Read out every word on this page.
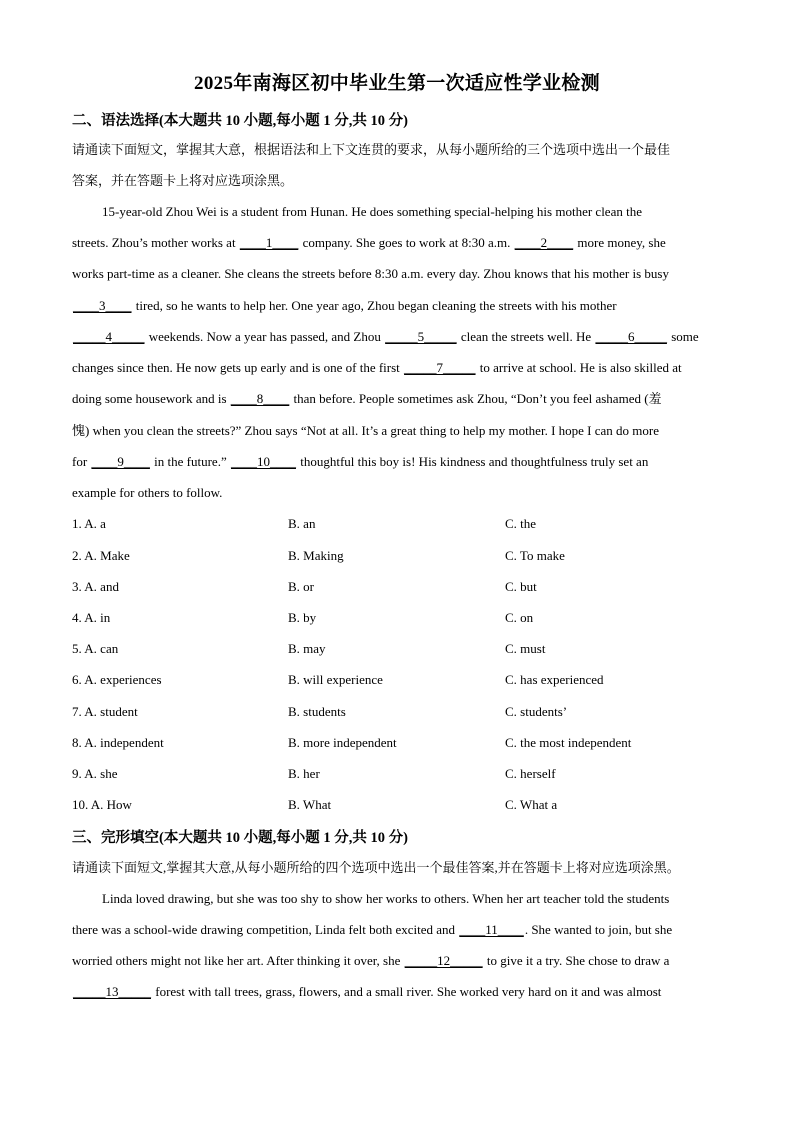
2025年南海区初中毕业生第一次适应性学业检测
二、语法选择(本大题共 10 小题,每小题 1 分,共 10 分)
请通读下面短文，掌握其大意，根据语法和上下文连贯的要求，从每小题所给的三个选项中选出一个最佳
答案，并在答题卡上将对应选项涂黑。
15-year-old Zhou Wei is a student from Hunan. He does something special-helping his mother clean the
streets. Zhou’s mother works at ____1____ company. She goes to work at 8:30 a.m. ____2____ more money, she
works part-time as a cleaner. She cleans the streets before 8:30 a.m. every day. Zhou knows that his mother is busy
____3____ tired, so he wants to help her. One year ago, Zhou began cleaning the streets with his mother
_____4_____ weekends. Now a year has passed, and Zhou _____5_____ clean the streets well. He _____6_____ some
changes since then. He now gets up early and is one of the first _____7_____ to arrive at school. He is also skilled at
doing some housework and is ____8____ than before. People sometimes ask Zhou, “Don’t you feel ashamed (羞
愧) when you clean the streets?” Zhou says “Not at all. It’s a great thing to help my mother. I hope I can do more
for ____9____ in the future.” ____10____ thoughtful this boy is! His kindness and thoughtfulness truly set an
example for others to follow.
1. A. a	B. an	C. the
2. A. Make	B. Making	C. To make
3. A. and	B. or	C. but
4. A. in	B. by	C. on
5. A. can	B. may	C. must
6. A. experiences	B. will experience	C. has experienced
7. A. student	B. students	C. students’
8. A. independent	B. more independent	C. the most independent
9. A. she	B. her	C. herself
10. A. How	B. What	C. What a
三、完形填空(本大题共 10 小题,每小题 1 分,共 10 分)
请通读下面短文,掌握其大意,从每小题所给的四个选项中选出一个最佳答案,并在答题卡上将对应选项涂黑。
Linda loved drawing, but she was too shy to show her works to others. When her art teacher told the students
there was a school-wide drawing competition, Linda felt both excited and ____11____. She wanted to join, but she
worried others might not like her art. After thinking it over, she _____12_____ to give it a try. She chose to draw a
_____13_____ forest with tall trees, grass, flowers, and a small river. She worked very hard on it and was almost
